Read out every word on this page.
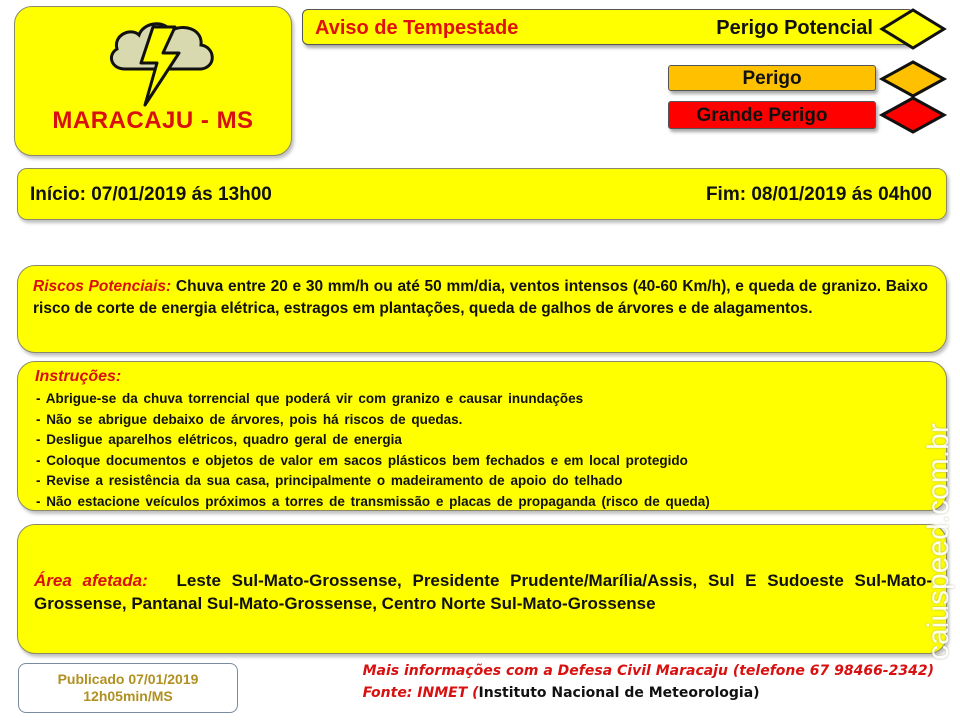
MARACAJU - MS
Aviso de Tempestade	Perigo Potencial
Perigo
Grande Perigo
Início: 07/01/2019 ás 13h00	Fim: 08/01/2019 ás 04h00
Riscos Potenciais: Chuva entre 20 e 30 mm/h ou até 50 mm/dia, ventos intensos (40-60 Km/h), e queda de granizo. Baixo risco de corte de energia elétrica, estragos em plantações, queda de galhos de árvores e de alagamentos.
Instruções:
- Abrigue-se da chuva torrencial que poderá vir com granizo e causar inundações
- Não se abrigue debaixo de árvores, pois há riscos de quedas.
- Desligue aparelhos elétricos, quadro geral de energia
- Coloque documentos e objetos de valor em sacos plásticos bem fechados e em local protegido
- Revise a resistência da sua casa, principalmente o madeiramento de apoio do telhado
- Não estacione veículos próximos a torres de transmissão e placas de propaganda (risco de queda)
Área afetada: Leste Sul-Mato-Grossense, Presidente Prudente/Marília/Assis, Sul E Sudoeste Sul-Mato-Grossense, Pantanal Sul-Mato-Grossense, Centro Norte Sul-Mato-Grossense	caiuspeed.com.br
Publicado 07/01/2019
12h05min/MS
Mais informações com a Defesa Civil Maracaju (telefone 67 98466-2342)
Fonte: INMET (Instituto Nacional de Meteorologia)
